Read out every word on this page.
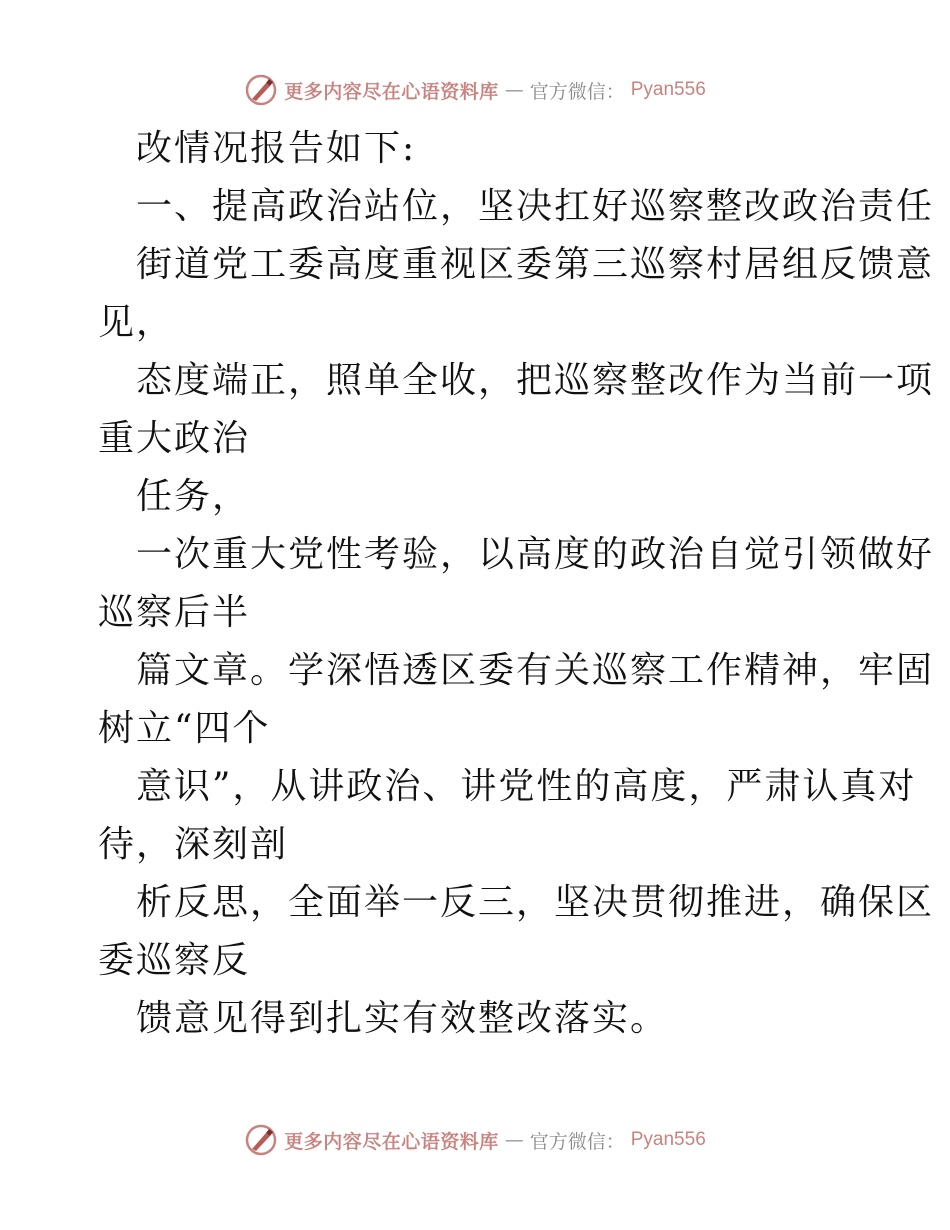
更多内容尽在心语资料库 — 官方微信： Pyan556
改情况报告如下:
一、提高政治站位，坚决扛好巡察整改政治责任
街道党工委高度重视区委第三巡察村居组反馈意
见，
态度端正，照单全收，把巡察整改作为当前一项
重大政治
任务，
一次重大党性考验，以高度的政治自觉引领做好
巡察后半
篇文章。学深悟透区委有关巡察工作精神，牢固
树立“四个
意识”，从讲政治、讲党性的高度，严肃认真对
待，深刻剖
析反思，全面举一反三，坚决贯彻推进，确保区
委巡察反
馈意见得到扎实有效整改落实。
更多内容尽在心语资料库 — 官方微信： Pyan556
